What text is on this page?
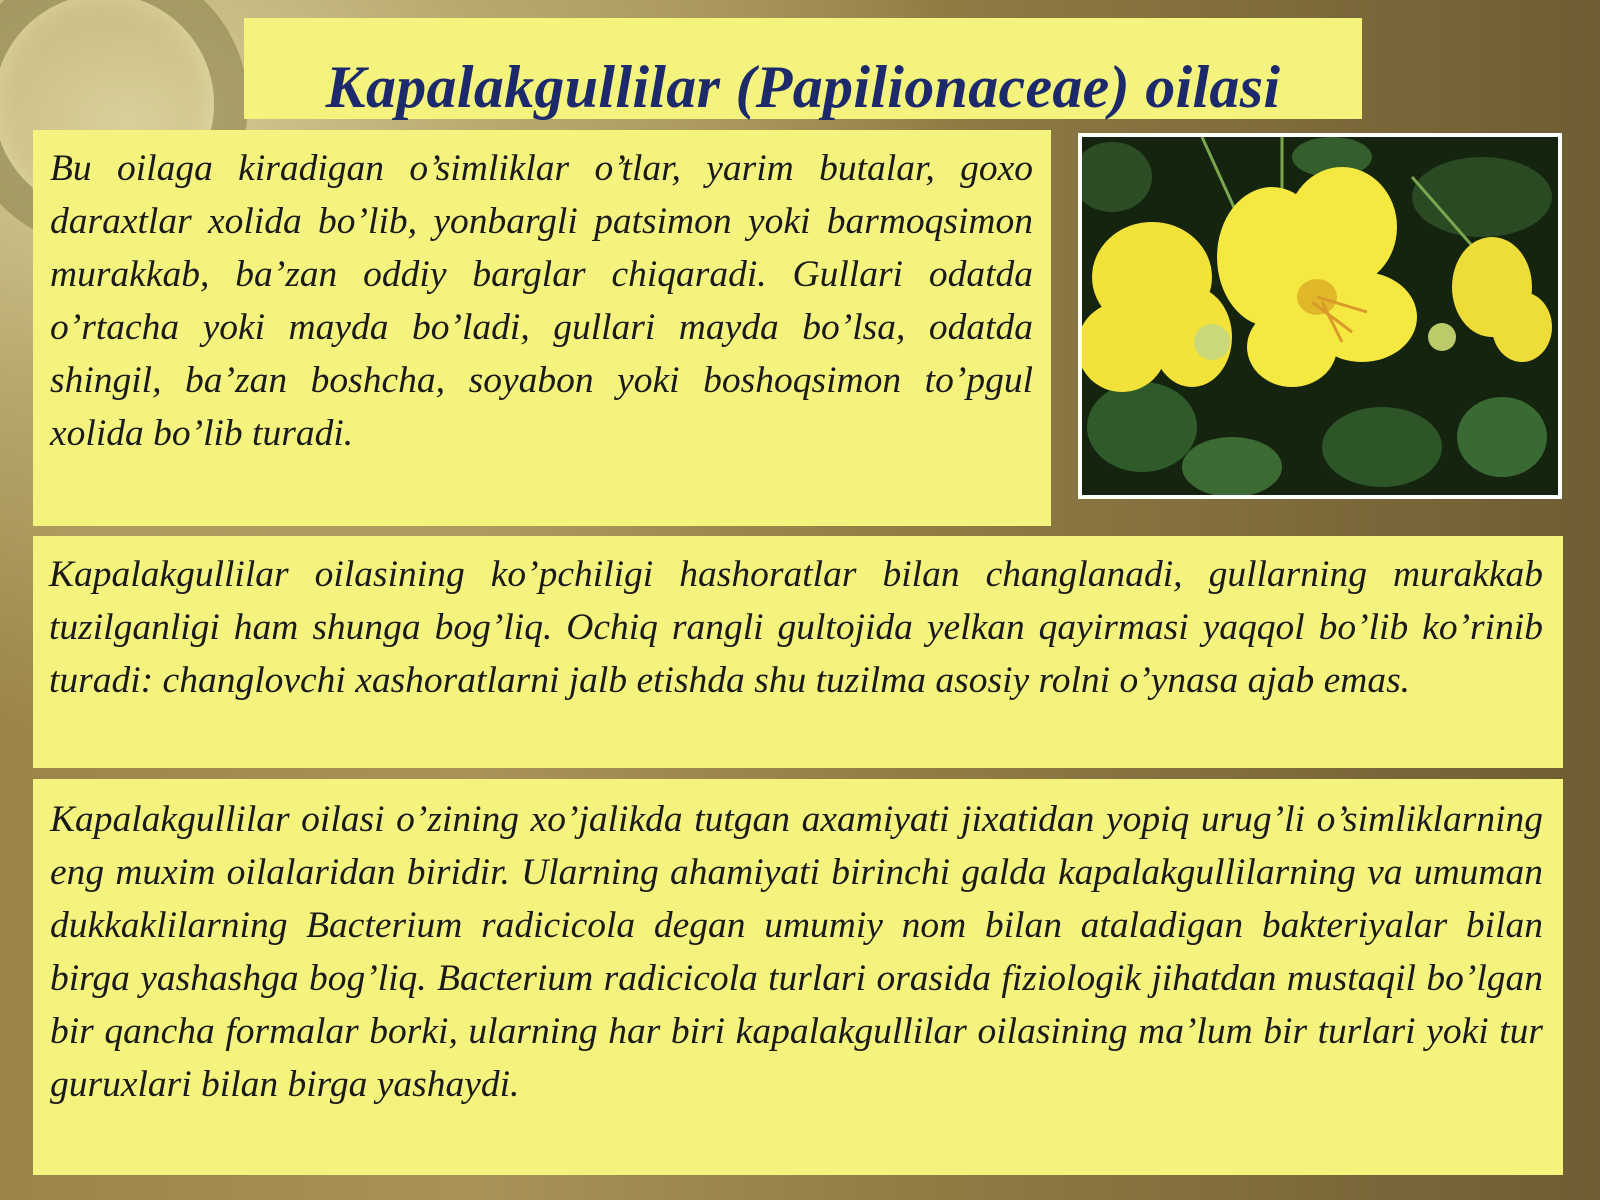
Kapalakgullilar (Papilionaceae) oilasi

Bu oilaga kiradigan o’simliklar o’tlar, yarim butalar, goxo daraxtlar xolida bo’lib, yonbargli patsimon yoki barmoqsimon murakkab, ba’zan oddiy barglar chiqaradi. Gullari odatda o’rtacha yoki mayda bo’ladi, gullari mayda bo’lsa, odatda shingil, ba’zan boshcha, soyabon yoki boshoqsimon to’pgul xolida bo’lib turadi.

Kapalakgullilar oilasining ko’pchiligi hashoratlar bilan changlanadi, gullarning murakkab tuzilganligi ham shunga bog’liq. Ochiq rangli gultojida yelkan qayirmasi yaqqol bo’lib ko’rinib turadi: changlovchi xashoratlarni jalb etishda shu tuzilma asosiy rolni o’ynasa ajab emas.

Kapalakgullilar oilasi o’zining xo’jalikda tutgan axamiyati jixatidan yopiq urug’li o’simliklarning eng muxim oilalaridan biridir. Ularning ahamiyati birinchi galda kapalakgullilarning va umuman dukkaklilarning Bacterium radicicola degan umumiy nom bilan ataladigan bakteriyalar bilan birga yashashga bog’liq. Bacterium radicicola turlari orasida fiziologik jihatdan mustaqil bo’lgan bir qancha formalar borki, ularning har biri kapalakgullilar oilasining ma’lum bir turlari yoki tur guruxlari bilan birga yashaydi.
